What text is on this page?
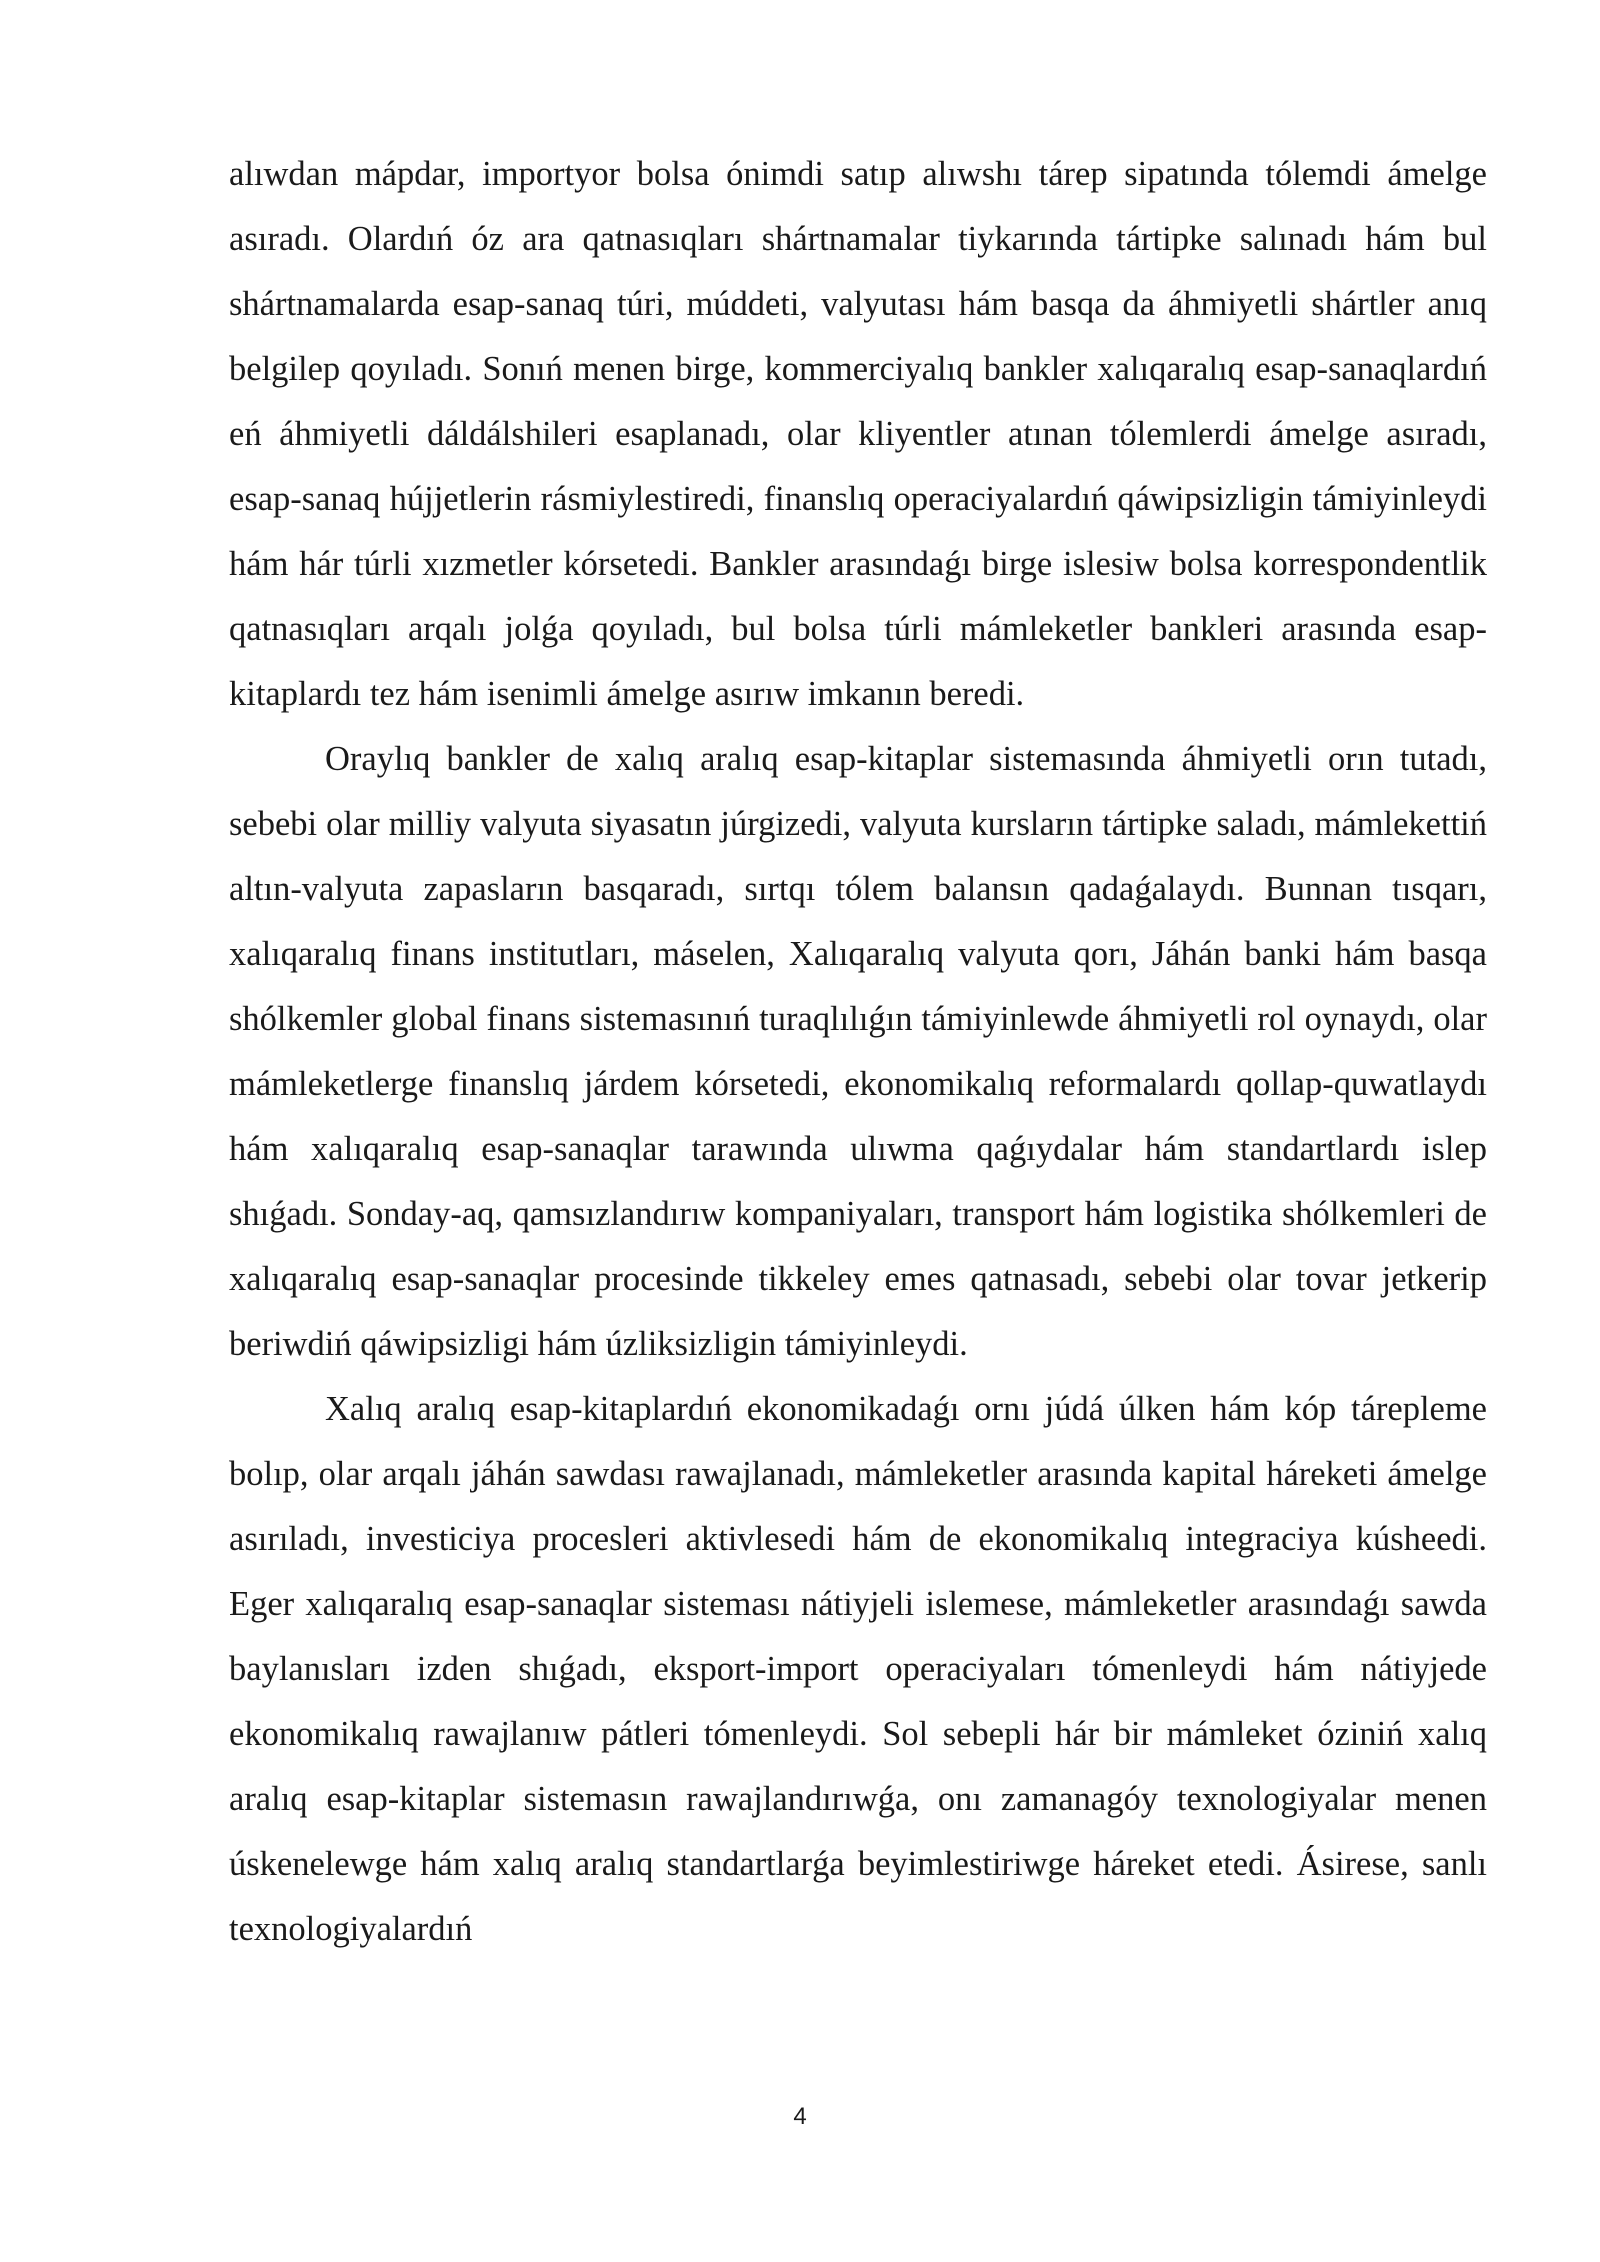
alıwdan mápdar, importyor bolsa ónimdi satıp alıwshı tárep sipatında tólemdi ámelge asıradı. Olardıń óz ara qatnasıqları shártnamalar tiykarında tártipke salınadı hám bul shártnamalarda esap-sanaq túri, múddeti, valyutası hám basqa da áhmiyetli shártler anıq belgilep qoyıladı. Sonıń menen birge, kommerciyalıq bankler xalıqaralıq esap-sanaqlardıń eń áhmiyetli dáldálshileri esaplanadı, olar kliyentler atınan tólemlerdi ámelge asıradı, esap-sanaq hújjetlerin rásmiylestiredi, finanslıq operaciyalardıń qáwipsizligin támiyinleydi hám hár túrli xızmetler kórsetedi. Bankler arasındaǵı birge islesiw bolsa korrespondentlik qatnasıqları arqalı jolǵa qoyıladı, bul bolsa túrli mámleketler bankleri arasında esap-kitaplardı tez hám isenimli ámelge asırıw imkanın beredi.

Oraylıq bankler de xalıq aralıq esap-kitaplar sistemasında áhmiyetli orın tutadı, sebebi olar milliy valyuta siyasatın júrgizedi, valyuta kursların tártipke saladı, mámlekettiń altın-valyuta zapasların basqaradı, sırtqı tólem balansın qadaǵalaydı. Bunnan tısqarı, xalıqaralıq finans institutları, máselen, Xalıqaralıq valyuta qorı, Jáhán banki hám basqa shólkemler global finans sistemasınıń turaqlılıǵın támiyinlewde áhmiyetli rol oynaydı, olar mámleketlerge finanslıq járdem kórsetedi, ekonomikalıq reformalardı qollap-quwatlaydı hám xalıqaralıq esap-sanaqlar tarawında ulıwma qaǵıydalar hám standartlardı islep shıǵadı. Sonday-aq, qamsızlandırıw kompaniyaları, transport hám logistika shólkemleri de xalıqaralıq esap-sanaqlar procesinde tikkeley emes qatnasadı, sebebi olar tovar jetkerip beriwdiń qáwipsizligi hám úzliksizligin támiyinleydi.

Xalıq aralıq esap-kitaplardıń ekonomikadaǵı ornı júdá úlken hám kóp tárepleme bolıp, olar arqalı jáhán sawdası rawajlanadı, mámleketler arasında kapital háreketi ámelge asırıladı, investiciya procesleri aktivlesedi hám de ekonomikalıq integraciya kúsheedi. Eger xalıqaralıq esap-sanaqlar sisteması nátiyjeli islemese, mámleketler arasındaǵı sawda baylanısları izden shıǵadı, eksport-import operaciyaları tómenleydi hám nátiyjede ekonomikalıq rawajlanıw pátleri tómenleydi. Sol sebepli hár bir mámleket óziniń xalıq aralıq esap-kitaplar sistemasın rawajlandırıwǵa, onı zamanagóy texnologiyalar menen úskenelewge hám xalıq aralıq standartlarǵa beyimlestiriwge háreket etedi. Ásirese, sanlı texnologiyalardıń

4
